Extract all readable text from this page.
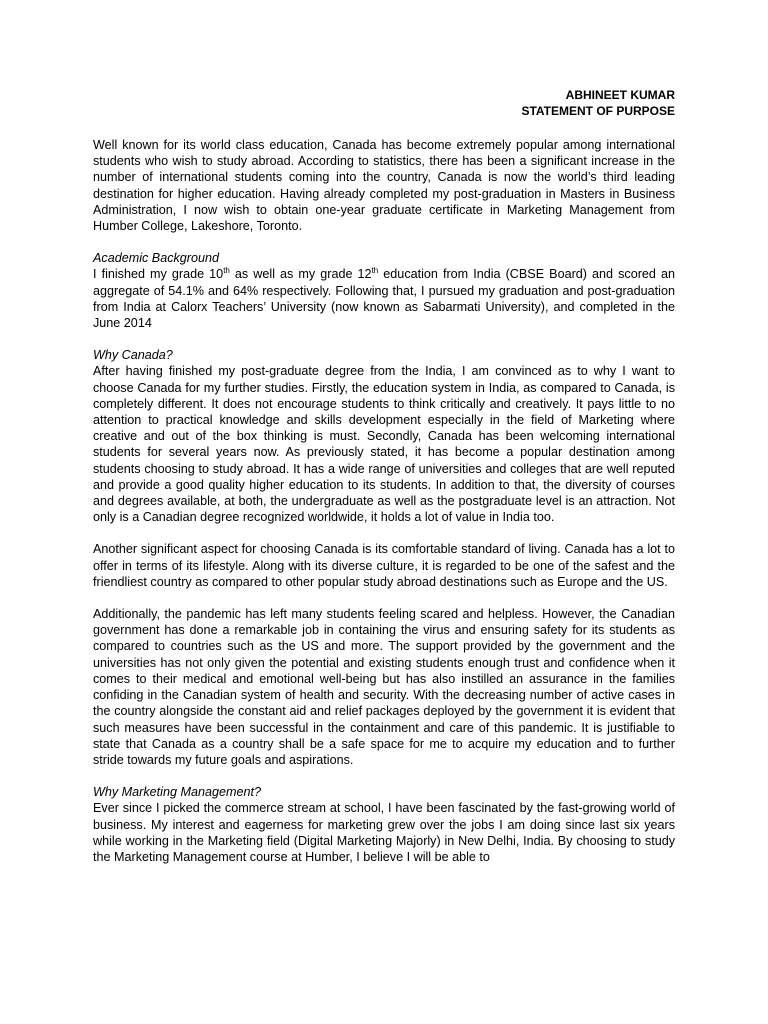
ABHINEET KUMAR
STATEMENT OF PURPOSE

Well known for its world class education, Canada has become extremely popular among international students who wish to study abroad. According to statistics, there has been a significant increase in the number of international students coming into the country, Canada is now the world’s third leading destination for higher education. Having already completed my post-graduation in Masters in Business Administration, I now wish to obtain one-year graduate certificate in Marketing Management from Humber College, Lakeshore, Toronto.

Academic Background

I finished my grade 10th as well as my grade 12th education from India (CBSE Board) and scored an aggregate of 54.1% and 64% respectively. Following that, I pursued my graduation and post-graduation from India at Calorx Teachers’ University (now known as Sabarmati University), and completed in the June 2014

Why Canada?

After having finished my post-graduate degree from the India, I am convinced as to why I want to choose Canada for my further studies. Firstly, the education system in India, as compared to Canada, is completely different. It does not encourage students to think critically and creatively. It pays little to no attention to practical knowledge and skills development especially in the field of Marketing where creative and out of the box thinking is must. Secondly, Canada has been welcoming international students for several years now. As previously stated, it has become a popular destination among students choosing to study abroad. It has a wide range of universities and colleges that are well reputed and provide a good quality higher education to its students. In addition to that, the diversity of courses and degrees available, at both, the undergraduate as well as the postgraduate level is an attraction. Not only is a Canadian degree recognized worldwide, it holds a lot of value in India too.

Another significant aspect for choosing Canada is its comfortable standard of living. Canada has a lot to offer in terms of its lifestyle. Along with its diverse culture, it is regarded to be one of the safest and the friendliest country as compared to other popular study abroad destinations such as Europe and the US.

Additionally, the pandemic has left many students feeling scared and helpless. However, the Canadian government has done a remarkable job in containing the virus and ensuring safety for its students as compared to countries such as the US and more. The support provided by the government and the universities has not only given the potential and existing students enough trust and confidence when it comes to their medical and emotional well-being but has also instilled an assurance in the families confiding in the Canadian system of health and security. With the decreasing number of active cases in the country alongside the constant aid and relief packages deployed by the government it is evident that such measures have been successful in the containment and care of this pandemic. It is justifiable to state that Canada as a country shall be a safe space for me to acquire my education and to further stride towards my future goals and aspirations.

Why Marketing Management?

Ever since I picked the commerce stream at school, I have been fascinated by the fast-growing world of business. My interest and eagerness for marketing grew over the jobs I am doing since last six years while working in the Marketing field (Digital Marketing Majorly) in New Delhi, India. By choosing to study the Marketing Management course at Humber, I believe I will be able to
